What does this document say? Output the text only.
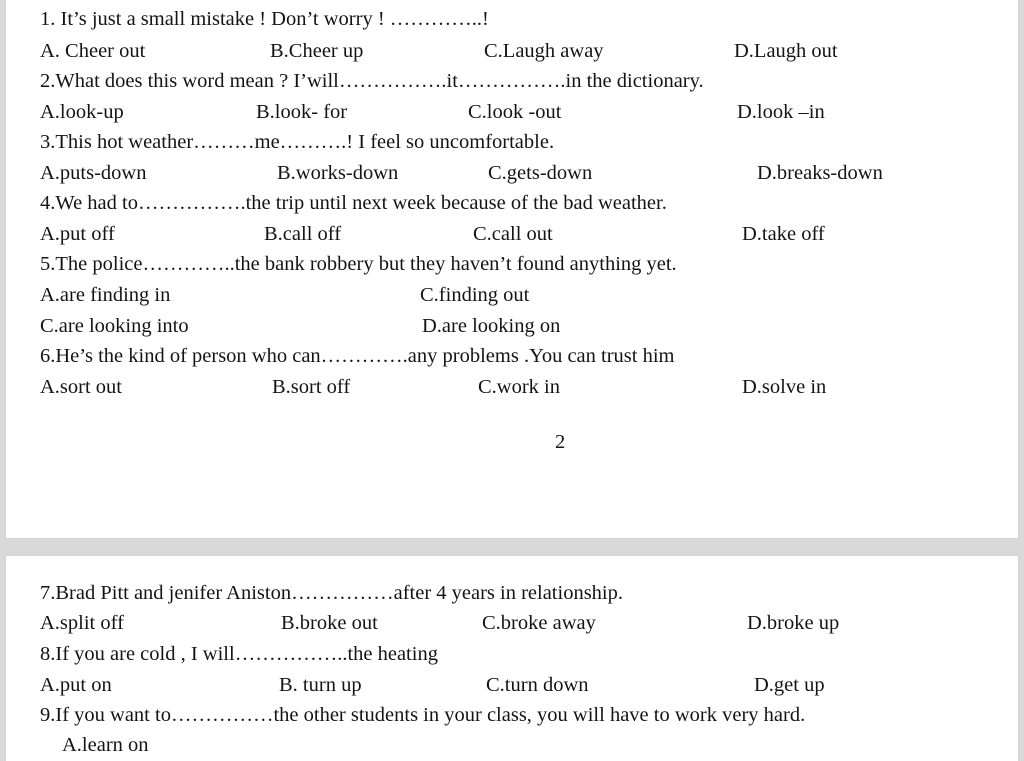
1. It’s just a small mistake ! Don’t worry ! …………..!
A. Cheer out	B.Cheer up	C.Laugh away	D.Laugh out
2.What does this word mean ? I’will…………….it…………….in the dictionary.
A.look-up	B.look- for	C.look -out	D.look –in
3.This hot weather………me……….! I feel so uncomfortable.
A.puts-down	B.works-down	C.gets-down	D.breaks-down
4.We had to…………….the trip until next week because of the bad weather.
A.put off	B.call off	C.call out	D.take off
5.The police…………..the bank robbery but they haven’t found anything yet.
A.are finding in	C.finding out
C.are looking into	D.are looking on
6.He’s the kind of person who can………….any problems .You can trust him
A.sort out	B.sort off	C.work in	D.solve in
2
7.Brad Pitt and jenifer Aniston……………after 4 years in relationship.
A.split off	B.broke out	C.broke away	D.broke up
8.If you are cold , I will……………..the heating
A.put on	B. turn up	C.turn down	D.get up
9.If you want to……………the other students in your class, you will have to work very hard.
A.learn on
